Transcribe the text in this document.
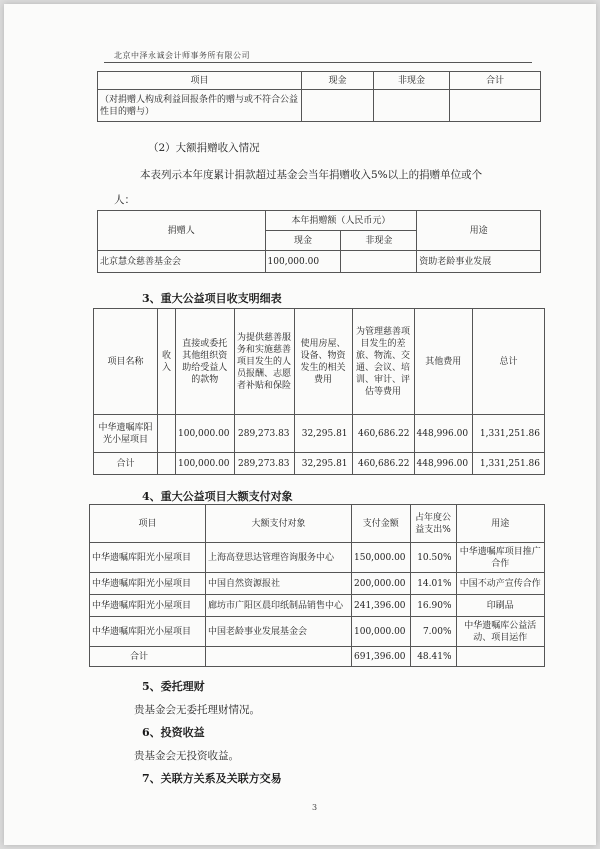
北京中泽永诚会计师事务所有限公司
项目	现金	非现金	合计
（对捐赠人构成利益回报条件的赠与或不符合公益性目的赠与）			
（2）大额捐赠收入情况
本表列示本年度累计捐款超过基金会当年捐赠收入5%以上的捐赠单位或个
人：
捐赠人	本年捐赠额（人民币元）		用途
	现金	非现金	
北京慧众慈善基金会	100,000.00		资助老龄事业发展
3、重大公益项目收支明细表
项目名称	收入	直接或委托其他组织资助给受益人的款物	为提供慈善服务和实施慈善项目发生的人员报酬、志愿者补贴和保险	使用房屋、设备、物资发生的相关费用	为管理慈善项目发生的差旅、物流、交通、会议、培训、审计、评估等费用	其他费用	总计
中华遗嘱库阳光小屋项目		100,000.00	289,273.83	32,295.81	460,686.22	448,996.00	1,331,251.86
合计		100,000.00	289,273.83	32,295.81	460,686.22	448,996.00	1,331,251.86
4、重大公益项目大额支付对象
项目	大额支付对象	支付金额	占年度公益支出%	用途
中华遗嘱库阳光小屋项目	上海高登思达管理咨询服务中心	150,000.00	10.50%	中华遗嘱库项目推广合作
中华遗嘱库阳光小屋项目	中国自然资源报社	200,000.00	14.01%	中国不动产宣传合作
中华遗嘱库阳光小屋项目	廊坊市广阳区晨印纸制品销售中心	241,396.00	16.90%	印刷品
中华遗嘱库阳光小屋项目	中国老龄事业发展基金会	100,000.00	7.00%	中华遗嘱库公益活动、项目运作
合计		691,396.00	48.41%	
5、委托理财
贵基金会无委托理财情况。
6、投资收益
贵基金会无投资收益。
7、关联方关系及关联方交易
3
